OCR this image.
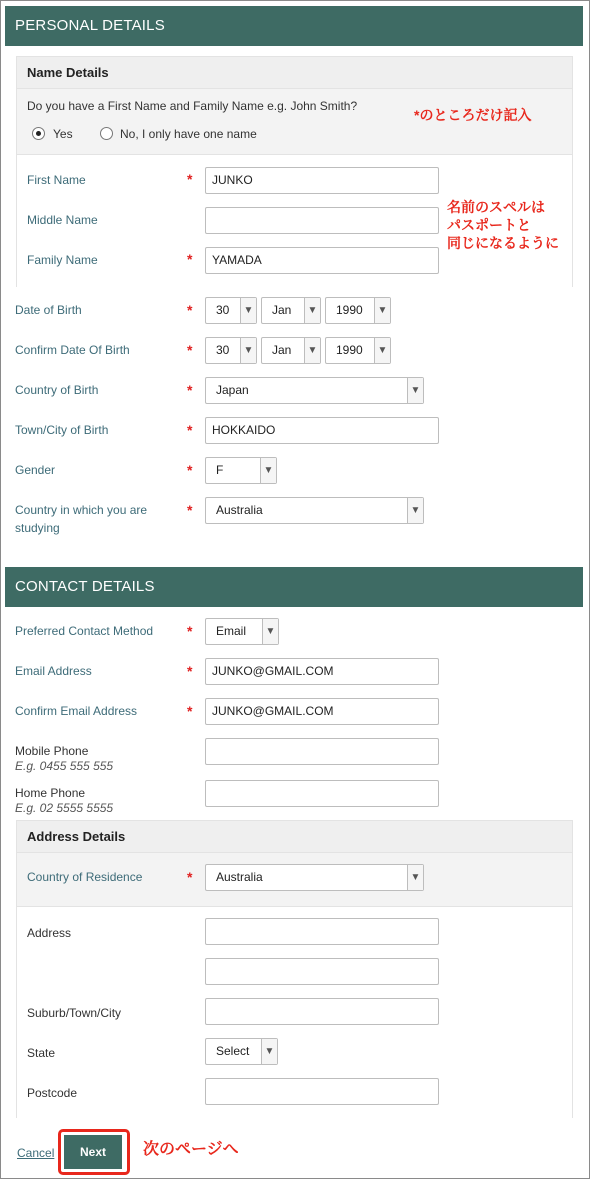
PERSONAL DETAILS
Name Details
Do you have a First Name and Family Name e.g. John Smith?
Yes	No, I only have one name
First Name	*	JUNKO
Middle Name
Family Name	*	YAMADA
*のところだけ記入
名前のスペルは
パスポートと
同じになるように
Date of Birth	*	30	▼	Jan	▼	1990	▼
Confirm Date Of Birth	*	30	▼	Jan	▼	1990	▼
Country of Birth	*	Japan	▼
Town/City of Birth	*	HOKKAIDO
Gender	*	F	▼
Country in which you are
studying
*	Australia	▼
CONTACT DETAILS
Preferred Contact Method *	Email	▼
Email Address	*	JUNKO@GMAIL.COM
Confirm Email Address	*	JUNKO@GMAIL.COM
Mobile Phone
E.g. 0455 555 555
Home Phone
E.g. 02 5555 5555
Address Details
Country of Residence	*	Australia	▼
Address
Suburb/Town/City
State	Select	▼
Postcode
Cancel	Next	次のページへ
